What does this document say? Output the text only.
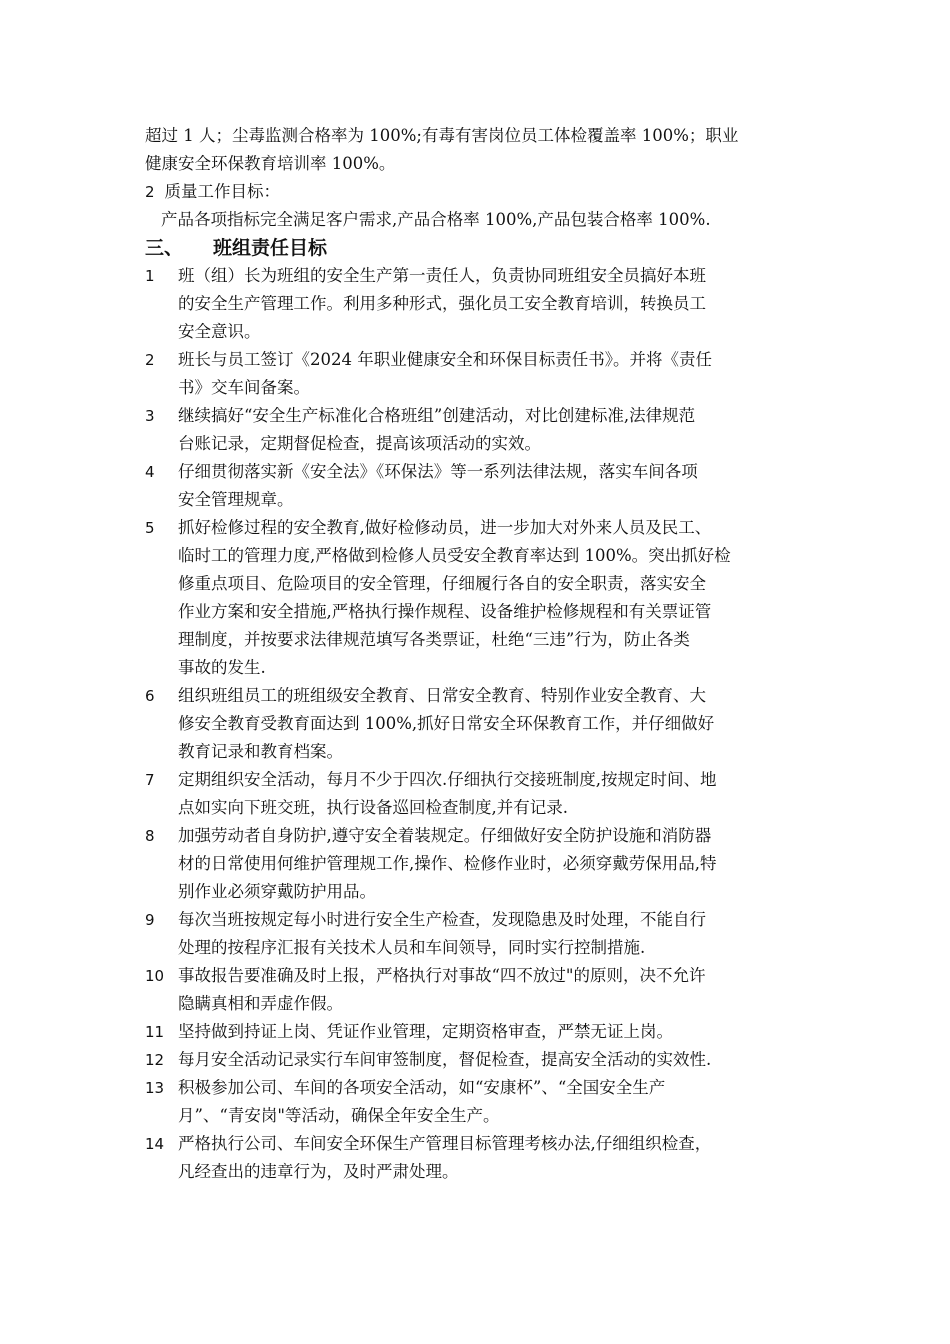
超过 1 人；尘毒监测合格率为 100%;有毒有害岗位员工体检覆盖率 100%；职业

健康安全环保教育培训率 100%。

2 质量工作目标：

产品各项指标完全满足客户需求,产品合格率 100%,产品包装合格率 100%.

三、 班组责任目标

1 班（组）长为班组的安全生产第一责任人，负责协同班组安全员搞好本班
的安全生产管理工作。利用多种形式，强化员工安全教育培训，转换员工
安全意识。
2 班长与员工签订《2024 年职业健康安全和环保目标责任书》。并将《责任
书》交车间备案。
3 继续搞好“安全生产标准化合格班组”创建活动，对比创建标准,法律规范
台账记录，定期督促检查，提高该项活动的实效。
4 仔细贯彻落实新《安全法》《环保法》等一系列法律法规，落实车间各项
安全管理规章。
5 抓好检修过程的安全教育,做好检修动员，进一步加大对外来人员及民工、
临时工的管理力度,严格做到检修人员受安全教育率达到 100%。突出抓好检
修重点项目、危险项目的安全管理，仔细履行各自的安全职责，落实安全
作业方案和安全措施,严格执行操作规程、设备维护检修规程和有关票证管
理制度，并按要求法律规范填写各类票证，杜绝“三违”行为，防止各类
事故的发生.
6 组织班组员工的班组级安全教育、日常安全教育、特别作业安全教育、大
修安全教育受教育面达到 100%,抓好日常安全环保教育工作，并仔细做好
教育记录和教育档案。
7 定期组织安全活动，每月不少于四次.仔细执行交接班制度,按规定时间、地
点如实向下班交班，执行设备巡回检查制度,并有记录.
8 加强劳动者自身防护,遵守安全着装规定。仔细做好安全防护设施和消防器
材的日常使用何维护管理规工作,操作、检修作业时，必须穿戴劳保用品,特
别作业必须穿戴防护用品。
9 每次当班按规定每小时进行安全生产检查，发现隐患及时处理，不能自行
处理的按程序汇报有关技术人员和车间领导，同时实行控制措施.
10 事故报告要准确及时上报，严格执行对事故“四不放过"的原则，决不允许
隐瞒真相和弄虚作假。
11 坚持做到持证上岗、凭证作业管理，定期资格审查，严禁无证上岗。
12 每月安全活动记录实行车间审签制度，督促检查，提高安全活动的实效性.
13 积极参加公司、车间的各项安全活动，如“安康杯”、“全国安全生产
月”、“青安岗"等活动，确保全年安全生产。
14 严格执行公司、车间安全环保生产管理目标管理考核办法,仔细组织检查，
凡经查出的违章行为，及时严肃处理。
